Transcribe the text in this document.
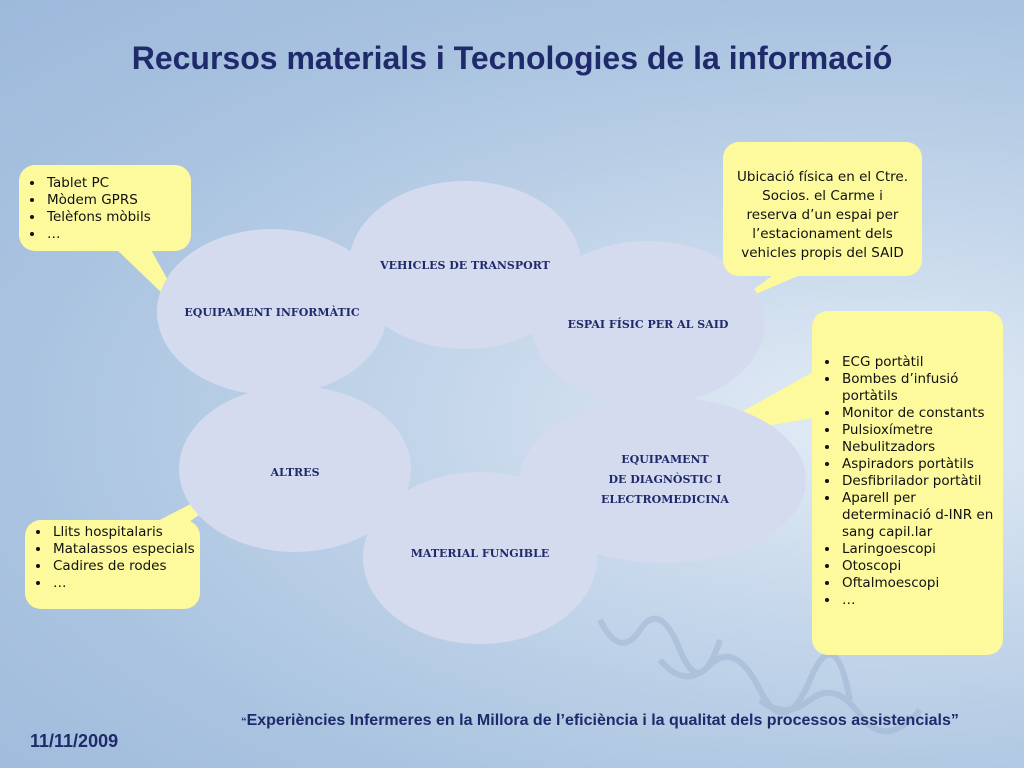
VEHICLES DE TRANSPORT
EQUIPAMENT INFORMÀTIC
ESPAI FÍSIC PER AL SAID
ALTRES
EQUIPAMENT
DE DIAGNÒSTIC I
ELECTROMEDICINA
MATERIAL FUNGIBLE
Recursos materials i Tecnologies de la informació
• Tablet PC
• Mòdem GPRS
• Telèfons mòbils
• …
Ubicació física en el Ctre.
Socios. el Carme i
reserva d’un espai per
l’estacionament dels
vehicles propis del SAID
• ECG portàtil
• Bombes d’infusió portàtils
• Monitor de constants
• Pulsioxímetre
• Nebulitzadors
• Aspiradors portàtils
• Desfibrilador portàtil
• Aparell per determinació d-INR en sang capil.lar
• Laringoescopi
• Otoscopi
• Oftalmoescopi
• …
• Llits hospitalaris
• Matalassos especials
• Cadires de rodes
• …
“Experiències Infermeres en la Millora de l’eficiència i la qualitat dels processos assistencials”
11/11/2009
